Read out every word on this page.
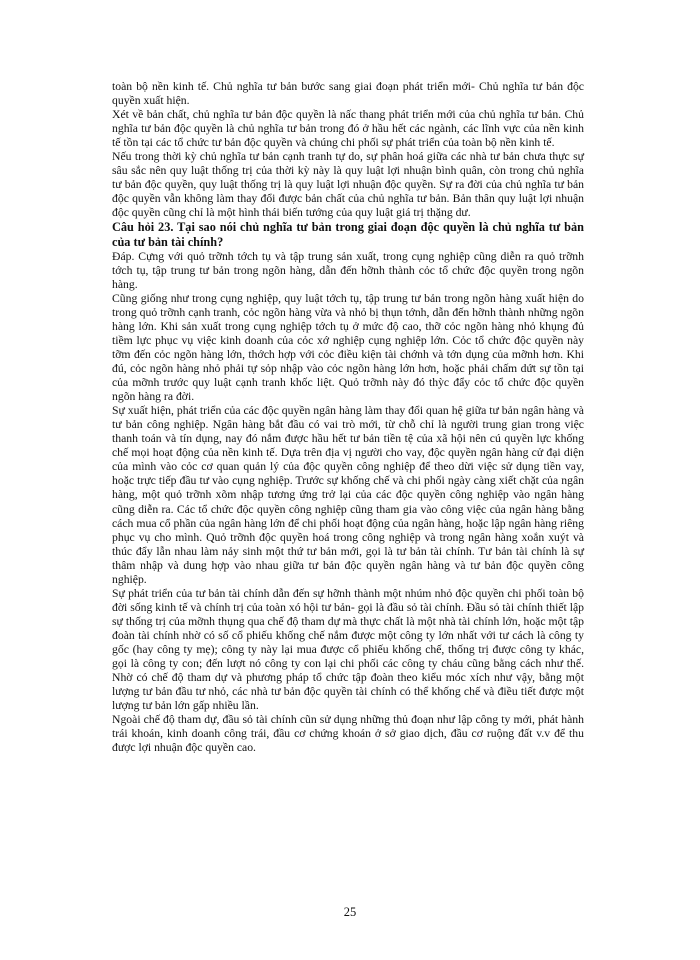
toàn bộ nền kinh tế. Chủ nghĩa tư bản bước sang giai đoạn phát triển mới- Chủ nghĩa tư bản độc quyền xuất hiện.

Xét về bản chất, chủ nghĩa tư bản độc quyền là nấc thang phát triển mới của chủ nghĩa tư bản. Chủ nghĩa tư bản độc quyền là chủ nghĩa tư bản trong đó ở hầu hết các ngành, các lĩnh vực của nền kinh tế tồn tại các tổ chức tư bản độc quyền và chúng chi phối sự phát triển của toàn bộ nền kinh tế.

Nếu trong thời kỳ chủ nghĩa tư bản cạnh tranh tự do, sự phân hoá giữa các nhà tư bản chưa thực sự sâu sắc nên quy luật thống trị của thời kỳ này là quy luật lợi nhuận bình quân, còn trong chủ nghĩa tư bản độc quyền, quy luật thống trị là quy luật lợi nhuận độc quyền. Sự ra đời của chủ nghĩa tư bản độc quyền vẫn không làm thay đổi được bản chất của chủ nghĩa tư bản. Bản thân quy luật lợi nhuận độc quyền cũng chỉ là một hình thái biến tướng của quy luật giá trị thặng dư.

Câu hỏi 23. Tại sao nói chủ nghĩa tư bản trong giai đoạn độc quyền là chủ nghĩa tư bản của tư bản tài chính?

Đáp. Cựng với quỏ trỡnh tớch tụ và tập trung sản xuất, trong cụng nghiệp cũng diễn ra quỏ trỡnh tớch tụ, tập trung tư bản trong ngõn hàng, dẫn đến hỡnh thành cỏc tổ chức độc quyền trong ngõn hàng.

Cũng giống như trong cụng nghiệp, quy luật tớch tụ, tập trung tư bản trong ngõn hàng xuất hiện do trong quỏ trỡnh cạnh tranh, cỏc ngõn hàng vừa và nhỏ bị thụn tớnh, dẫn đến hỡnh thành những ngõn hàng lớn. Khi sản xuất trong cụng nghiệp tớch tụ ở mức độ cao, thỡ cỏc ngõn hàng nhỏ khụng đủ tiềm lực phục vụ việc kinh doanh của cỏc xớ nghiệp cụng nghiệp lớn. Cỏc tổ chức độc quyền này tỡm đến cỏc ngõn hàng lớn, thớch hợp với cỏc điều kiện tài chớnh và tớn dụng của mỡnh hơn. Khi đú, cỏc ngõn hàng nhỏ phải tự sỏp nhập vào cỏc ngõn hàng lớn hơn, hoặc phải chấm dứt sự tồn tại của mỡnh trước quy luật cạnh tranh khốc liệt. Quỏ trỡnh này đó thỳc đẩy cỏc tổ chức độc quyền ngõn hàng ra đời.

Sự xuất hiện, phát triển của các độc quyền ngân hàng làm thay đổi quan hệ giữa tư bản ngân hàng và tư bản công nghiệp. Ngân hàng bắt đầu có vai trò mới, từ chỗ chỉ là người trung gian trong việc thanh toán và tín dụng, nay đó nắm được hầu hết tư bản tiền tệ của xã hội nên cú quyền lực khống chế mọi hoạt động của nền kinh tế. Dựa trên địa vị người cho vay, độc quyền ngân hàng cử đại diện của mình vào cỏc cơ quan quản lý của độc quyền công nghiệp để theo dừi việc sử dụng tiền vay, hoặc trực tiếp đầu tư vào cụng nghiệp. Trước sự khống chế và chi phối ngày càng xiết chặt của ngân hàng, một quỏ trỡnh xõm nhập tương ứng trở lại của các độc quyền công nghiệp vào ngân hàng cũng diễn ra. Các tổ chức độc quyền công nghiệp cũng tham gia vào công việc của ngân hàng bằng cách mua cổ phần của ngân hàng lớn để chi phối hoạt động của ngân hàng, hoặc lập ngân hàng riêng phục vụ cho mình. Quỏ trỡnh độc quyền hoá trong công nghiệp và trong ngân hàng xoắn xuýt và thúc đẩy lẫn nhau làm nảy sinh một thứ tư bản mới, gọi là tư bản tài chính. Tư bản tài chính là sự thâm nhập và dung hợp vào nhau giữa tư bản độc quyền ngân hàng và tư bản độc quyền công nghiệp.

Sự phát triển của tư bản tài chính dẫn đến sự hỡnh thành một nhúm nhỏ độc quyền chi phối toàn bộ đời sống kinh tế và chính trị của toàn xó hội tư bản- gọi là đầu sỏ tài chính. Đầu sỏ tài chính thiết lập sự thống trị của mỡnh thụng qua chế độ tham dự mà thực chất là một nhà tài chính lớn, hoặc một tập đoàn tài chính nhờ có số cổ phiếu khống chế nắm được một công ty lớn nhất với tư cách là công ty gốc (hay công ty mẹ); công ty này lại mua được cổ phiếu khống chế, thống trị được công ty khác, gọi là công ty con; đến lượt nó công ty con lại chi phối các công ty cháu cũng bằng cách như thế. Nhờ có chế độ tham dự và phương pháp tổ chức tập đoàn theo kiểu móc xích như vậy, bằng một lượng tư bản đầu tư nhỏ, các nhà tư bản độc quyền tài chính có thể khống chế và điều tiết được một lượng tư bản lớn gấp nhiều lần.

Ngoài chế độ tham dự, đầu sỏ tài chính cũn sử dụng những thủ đoạn như lập công ty mới, phát hành trái khoán, kinh doanh công trái, đầu cơ chứng khoán ở sở giao dịch, đầu cơ ruộng đất v.v để thu được lợi nhuận độc quyền cao.

25
